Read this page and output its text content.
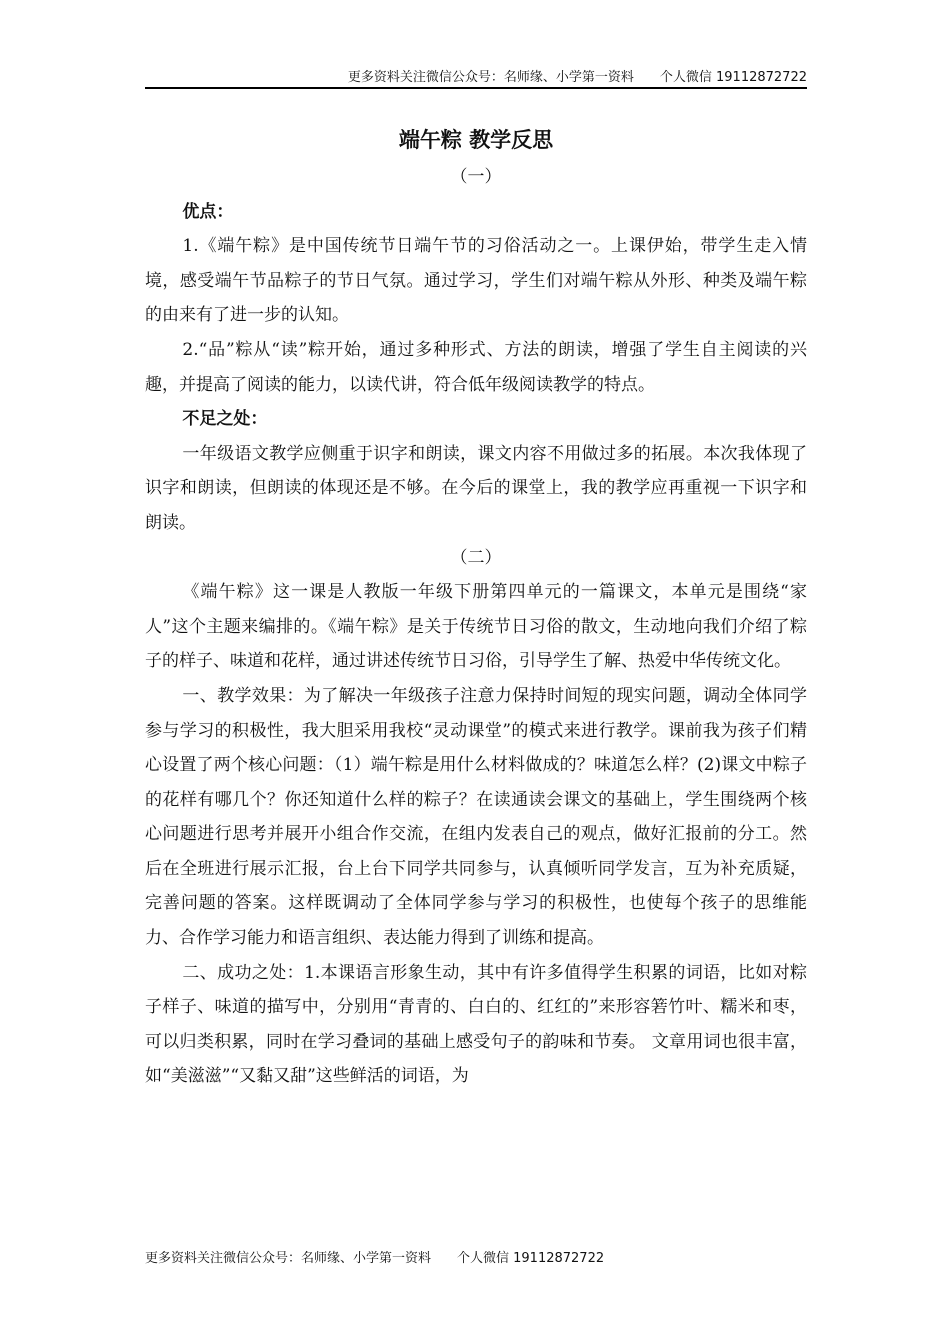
更多资料关注微信公众号：名师缘、小学第一资料　　个人微信 19112872722
端午粽 教学反思

（一）

优点：

1.《端午粽》是中国传统节日端午节的习俗活动之一。上课伊始，带学生走入情境，感受端午节品粽子的节日气氛。通过学习，学生们对端午粽从外形、种类及端午粽的由来有了进一步的认知。

2.“品”粽从“读”粽开始，通过多种形式、方法的朗读，增强了学生自主阅读的兴趣，并提高了阅读的能力，以读代讲，符合低年级阅读教学的特点。

不足之处：

一年级语文教学应侧重于识字和朗读，课文内容不用做过多的拓展。本次我体现了识字和朗读，但朗读的体现还是不够。在今后的课堂上，我的教学应再重视一下识字和朗读。

（二）

《端午粽》这一课是人教版一年级下册第四单元的一篇课文，本单元是围绕“家人”这个主题来编排的。《端午粽》是关于传统节日习俗的散文，生动地向我们介绍了粽子的样子、味道和花样，通过讲述传统节日习俗，引导学生了解、热爱中华传统文化。

一、教学效果：为了解决一年级孩子注意力保持时间短的现实问题，调动全体同学参与学习的积极性，我大胆采用我校“灵动课堂”的模式来进行教学。课前我为孩子们精心设置了两个核心问题：（1）端午粽是用什么材料做成的？味道怎么样？(2)课文中粽子的花样有哪几个？你还知道什么样的粽子？在读通读会课文的基础上，学生围绕两个核心问题进行思考并展开小组合作交流，在组内发表自己的观点，做好汇报前的分工。然后在全班进行展示汇报，台上台下同学共同参与，认真倾听同学发言，互为补充质疑，完善问题的答案。这样既调动了全体同学参与学习的积极性，也使每个孩子的思维能力、合作学习能力和语言组织、表达能力得到了训练和提高。

二、成功之处：1.本课语言形象生动，其中有许多值得学生积累的词语，比如对粽子样子、味道的描写中，分别用“青青的、白白的、红红的”来形容箬竹叶、糯米和枣，可以归类积累，同时在学习叠词的基础上感受句子的韵味和节奏。 文章用词也很丰富，如“美滋滋”“又黏又甜”这些鲜活的词语，为

更多资料关注微信公众号：名师缘、小学第一资料　　个人微信 19112872722
